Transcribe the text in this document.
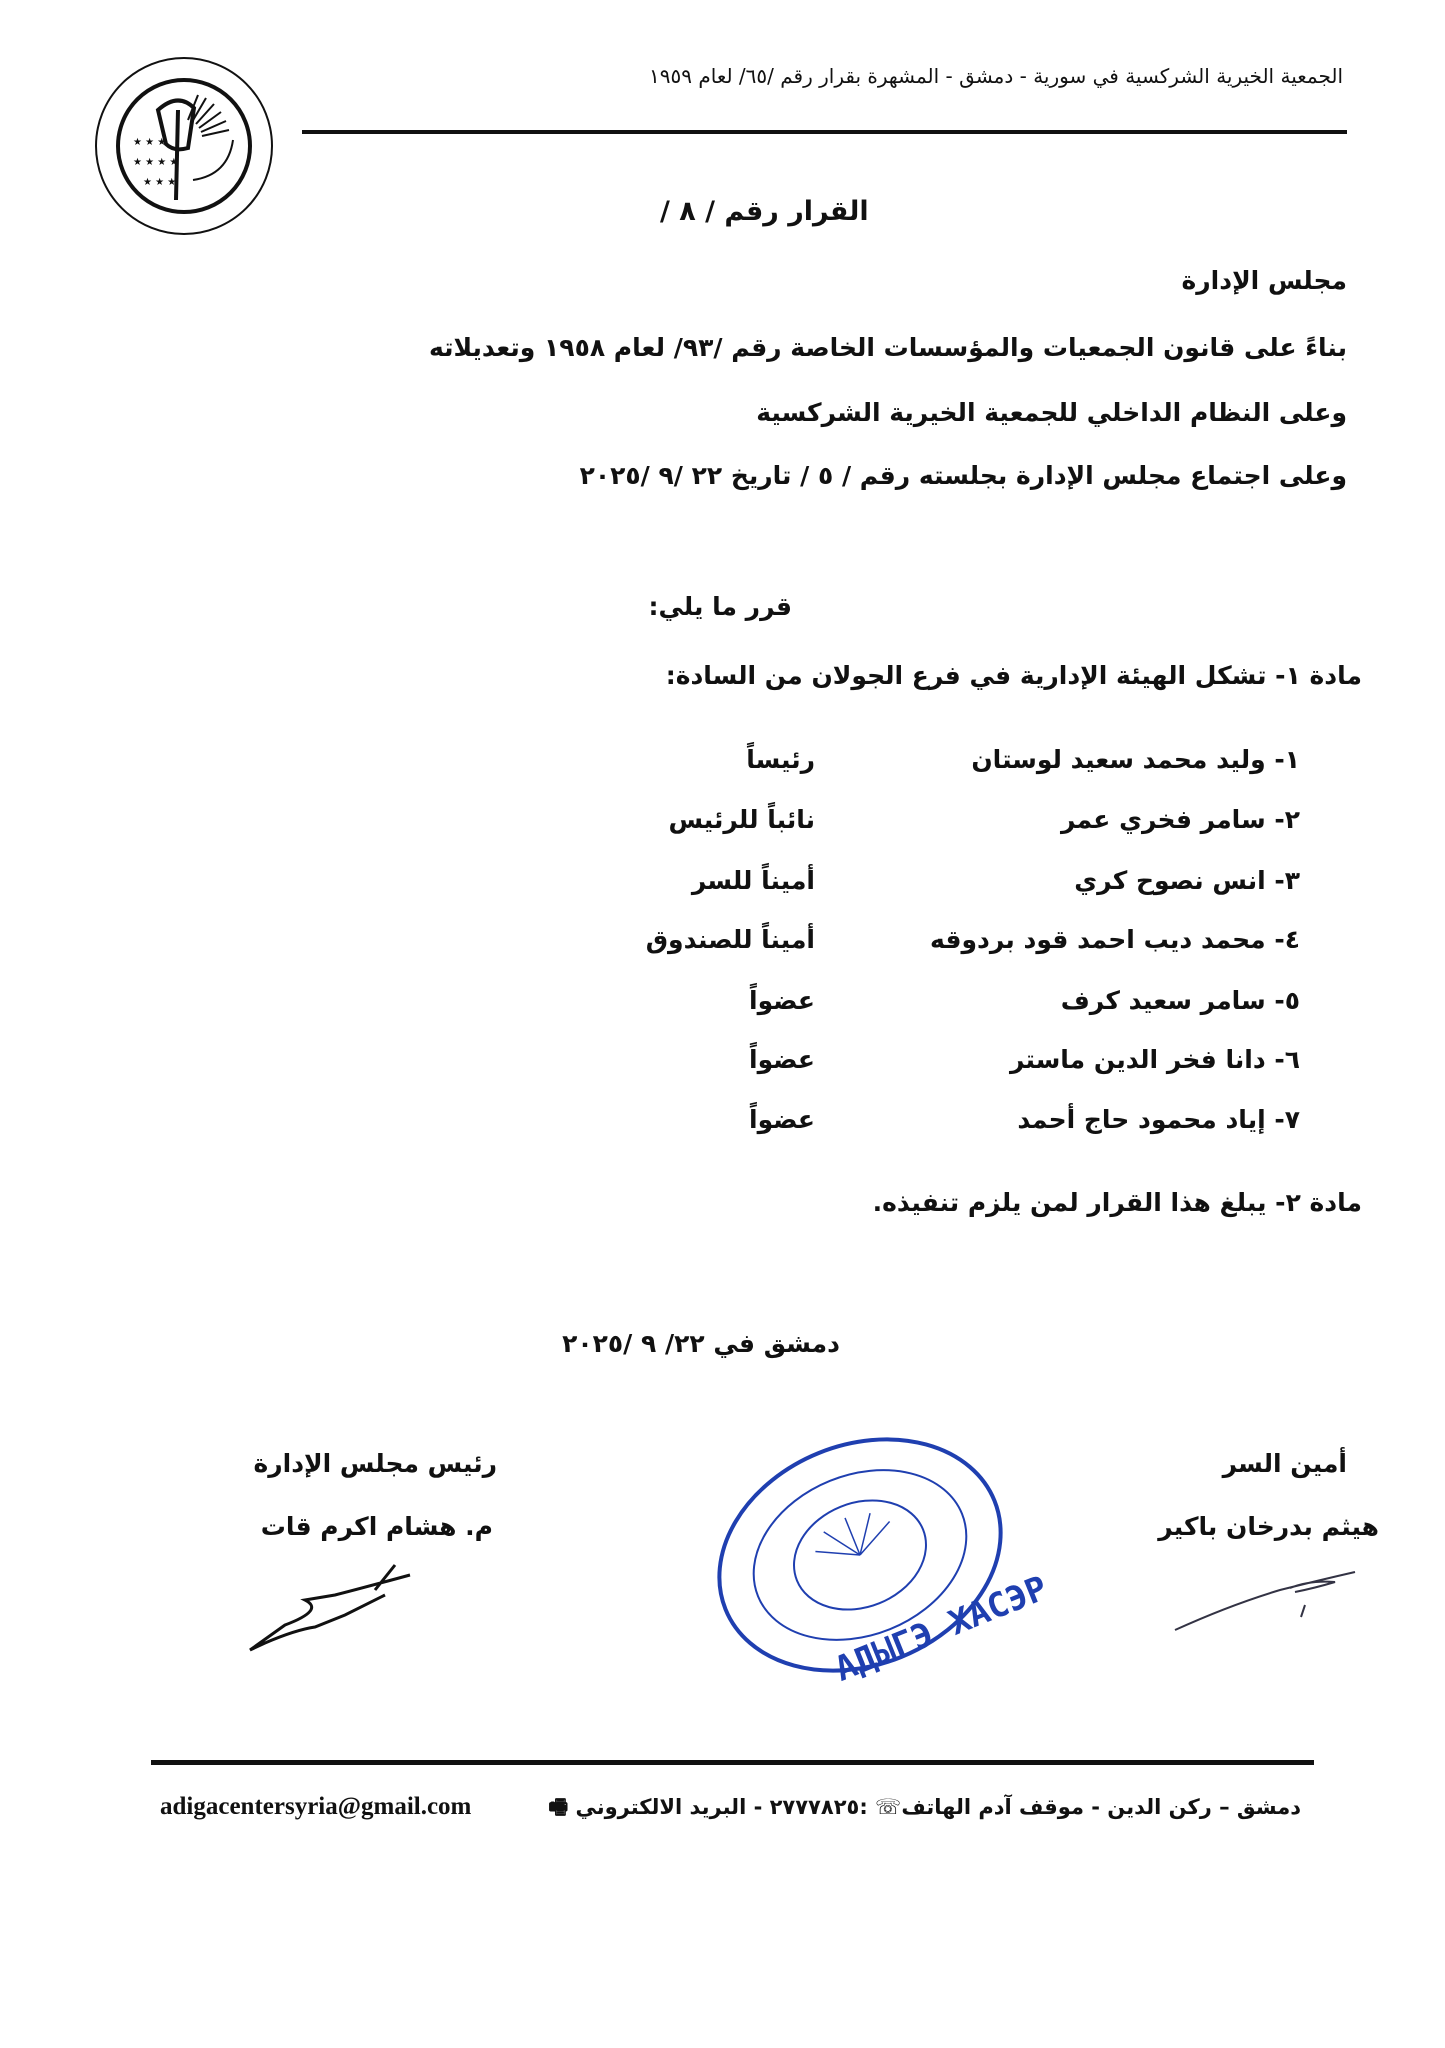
★ ★ ★
★ ★ ★ ★
★ ★ ★
الجمعية الخيرية الشركسية في سورية - دمشق - المشهرة بقرار رقم /٦٥/ لعام ١٩٥٩
القرار رقم / ٨ /
مجلس الإدارة
بناءً على قانون الجمعيات والمؤسسات الخاصة رقم /٩٣/ لعام ١٩٥٨ وتعديلاته
وعلى النظام الداخلي للجمعية الخيرية الشركسية
وعلى اجتماع مجلس الإدارة بجلسته رقم / ٥ / تاريخ ٢٢ /٩ /٢٠٢٥
قرر ما يلي:
مادة ١- تشكل الهيئة الإدارية في فرع الجولان من السادة:
١- وليد محمد سعيد لوستان
رئيساً
٢- سامر فخري عمر
نائباً للرئيس
٣- انس نصوح كري
أميناً للسر
٤- محمد ديب احمد قود بردوقه
أميناً للصندوق
٥- سامر سعيد كرف
عضواً
٦- دانا فخر الدين ماستر
عضواً
٧- إياد محمود حاج أحمد
عضواً
مادة ٢- يبلغ هذا القرار لمن يلزم تنفيذه.
دمشق في ٢٢/ ٩ /٢٠٢٥
أمين السر
هيثم بدرخان باكير
رئيس مجلس الإدارة
م. هشام اكرم قات
АДЫГЭ ХАСЭР
دمشق – ركن الدين - موقف آدم الهاتف☏ :٢٧٧٧٨٢٥ - البريد الالكتروني 🖷
adigacentersyria@gmail.com
